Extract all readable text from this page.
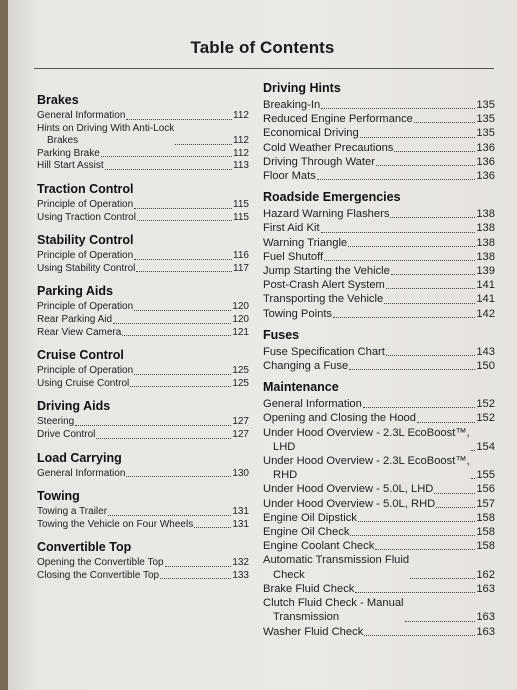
Table of Contents
Brakes
General Information	112
Hints on Driving With Anti-Lock
Brakes	112
Parking Brake	112
Hill Start Assist	113
Traction Control
Principle of Operation	115
Using Traction Control	115
Stability Control
Principle of Operation	116
Using Stability Control	117
Parking Aids
Principle of Operation	120
Rear Parking Aid	120
Rear View Camera	121
Cruise Control
Principle of Operation	125
Using Cruise Control	125
Driving Aids
Steering	127
Drive Control	127
Load Carrying
General Information	130
Towing
Towing a Trailer	131
Towing the Vehicle on Four Wheels	131
Convertible Top
Opening the Convertible Top	132
Closing the Convertible Top	133
Driving Hints
Breaking-In	135
Reduced Engine Performance	135
Economical Driving	135
Cold Weather Precautions	136
Driving Through Water	136
Floor Mats	136
Roadside Emergencies
Hazard Warning Flashers	138
First Aid Kit	138
Warning Triangle	138
Fuel Shutoff	138
Jump Starting the Vehicle	139
Post-Crash Alert System	141
Transporting the Vehicle	141
Towing Points	142
Fuses
Fuse Specification Chart	143
Changing a Fuse	150
Maintenance
General Information	152
Opening and Closing the Hood	152
Under Hood Overview - 2.3L EcoBoost™,
LHD	154
Under Hood Overview - 2.3L EcoBoost™,
RHD	155
Under Hood Overview - 5.0L, LHD	156
Under Hood Overview - 5.0L, RHD	157
Engine Oil Dipstick	158
Engine Oil Check	158
Engine Coolant Check	158
Automatic Transmission Fluid
Check	162
Brake Fluid Check	163
Clutch Fluid Check - Manual
Transmission	163
Washer Fluid Check	163
